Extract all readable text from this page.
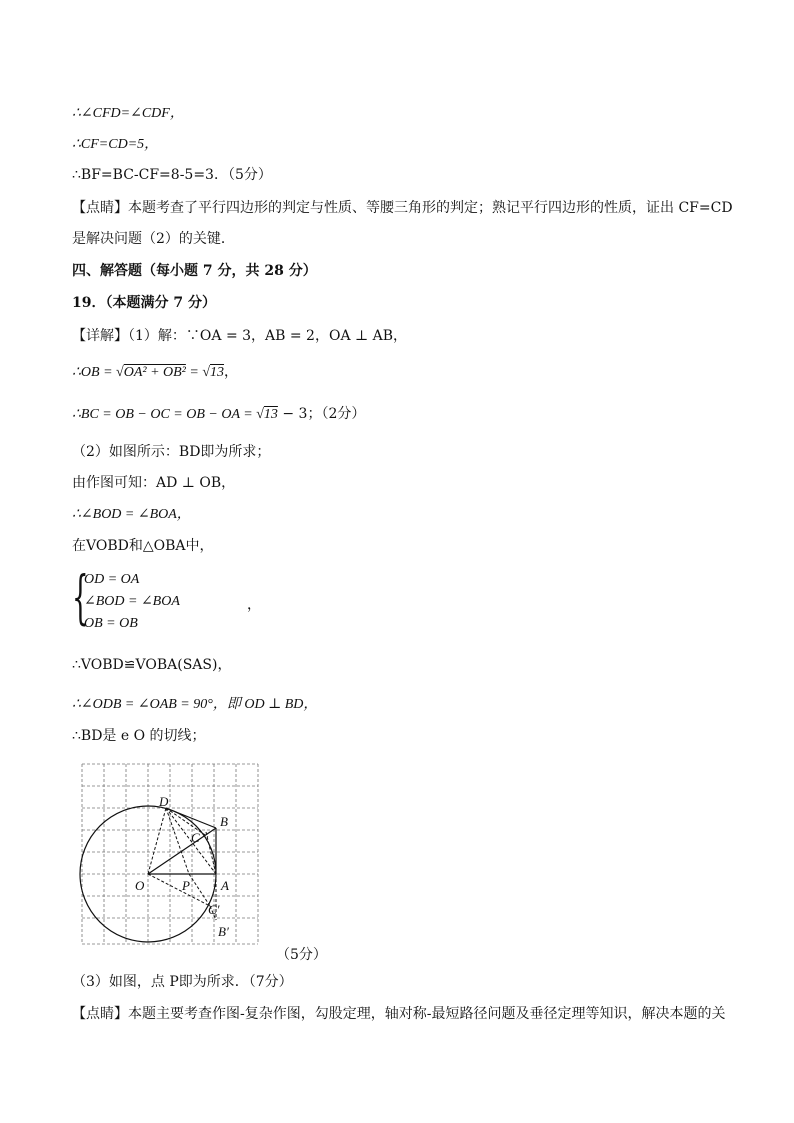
∴∠CFD=∠CDF，
∴CF=CD=5，
∴BF=BC-CF=8-5=3．（5分）
【点睛】本题考查了平行四边形的判定与性质、等腰三角形的判定；熟记平行四边形的性质，证出 CF=CD
是解决问题（2）的关键．
四、解答题（每小题 7 分，共 28 分）
19．（本题满分 7 分）
【详解】（1）解：∵OA = 3，AB = 2，OA ⊥ AB，
∴OB = √OA² + OB² = √13，
∴BC = OB − OC = OB − OA = √13 − 3；（2分）
（2）如图所示：BD即为所求；
由作图可知：AD ⊥ OB，
∴∠BOD = ∠BOA，
在VOBD和△OBA中，
{
OD = OA
∠BOD = ∠BOA
OB = OB
，
∴VOBD≌VOBA(SAS)，
∴∠ODB = ∠OAB = 90°，即 OD ⊥ BD，
∴BD是 e O 的切线；
D
B
C
O	P A
C′
B′
（5分）
（3）如图，点 P即为所求．（7分）
【点睛】本题主要考查作图-复杂作图，勾股定理，轴对称-最短路径问题及垂径定理等知识，解决本题的关
